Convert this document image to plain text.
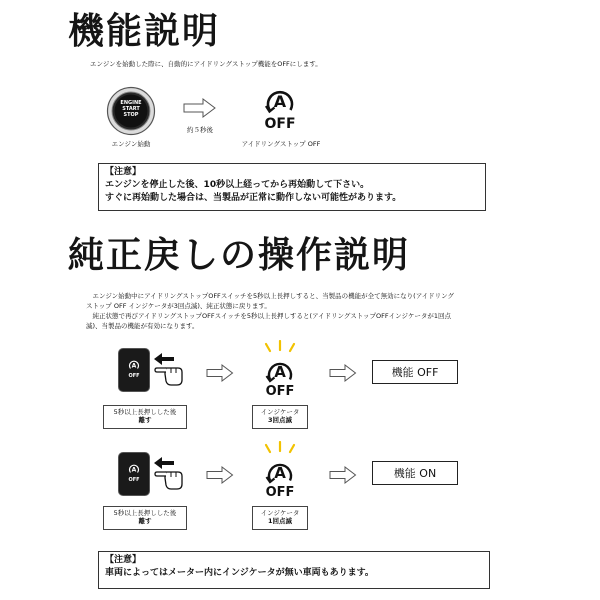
機能説明
エンジンを始動した際に、自動的にアイドリングストップ機能をOFFにします。
ENGINE
START
STOP
エンジン始動
約５秒後
A
OFF
アイドリングストップ OFF
【注意】
エンジンを停止した後、10秒以上経ってから再始動して下さい。
すぐに再始動した場合は、当製品が正常に動作しない可能性があります。
純正戻しの操作説明
　エンジン始動中にアイドリングストップOFFスイッチを5秒以上長押しすると、当製品の機能が全て無効になり(アイドリング
ストップ OFF インジケータが3回点滅)、純正状態に戻ります。
　純正状態で再びアイドリングストップOFFスイッチを5秒以上長押しすると(アイドリングストップOFFインジケータが1回点
滅)、当製品の機能が有効になります。
A
OFF
5秒以上長押しした後
離す
A
OFF
インジケータ
3回点滅
機能 OFF
A
OFF
5秒以上長押しした後
離す
A
OFF
インジケータ
1回点滅
機能 ON
【注意】
車両によってはメーター内にインジケータが無い車両もあります。
